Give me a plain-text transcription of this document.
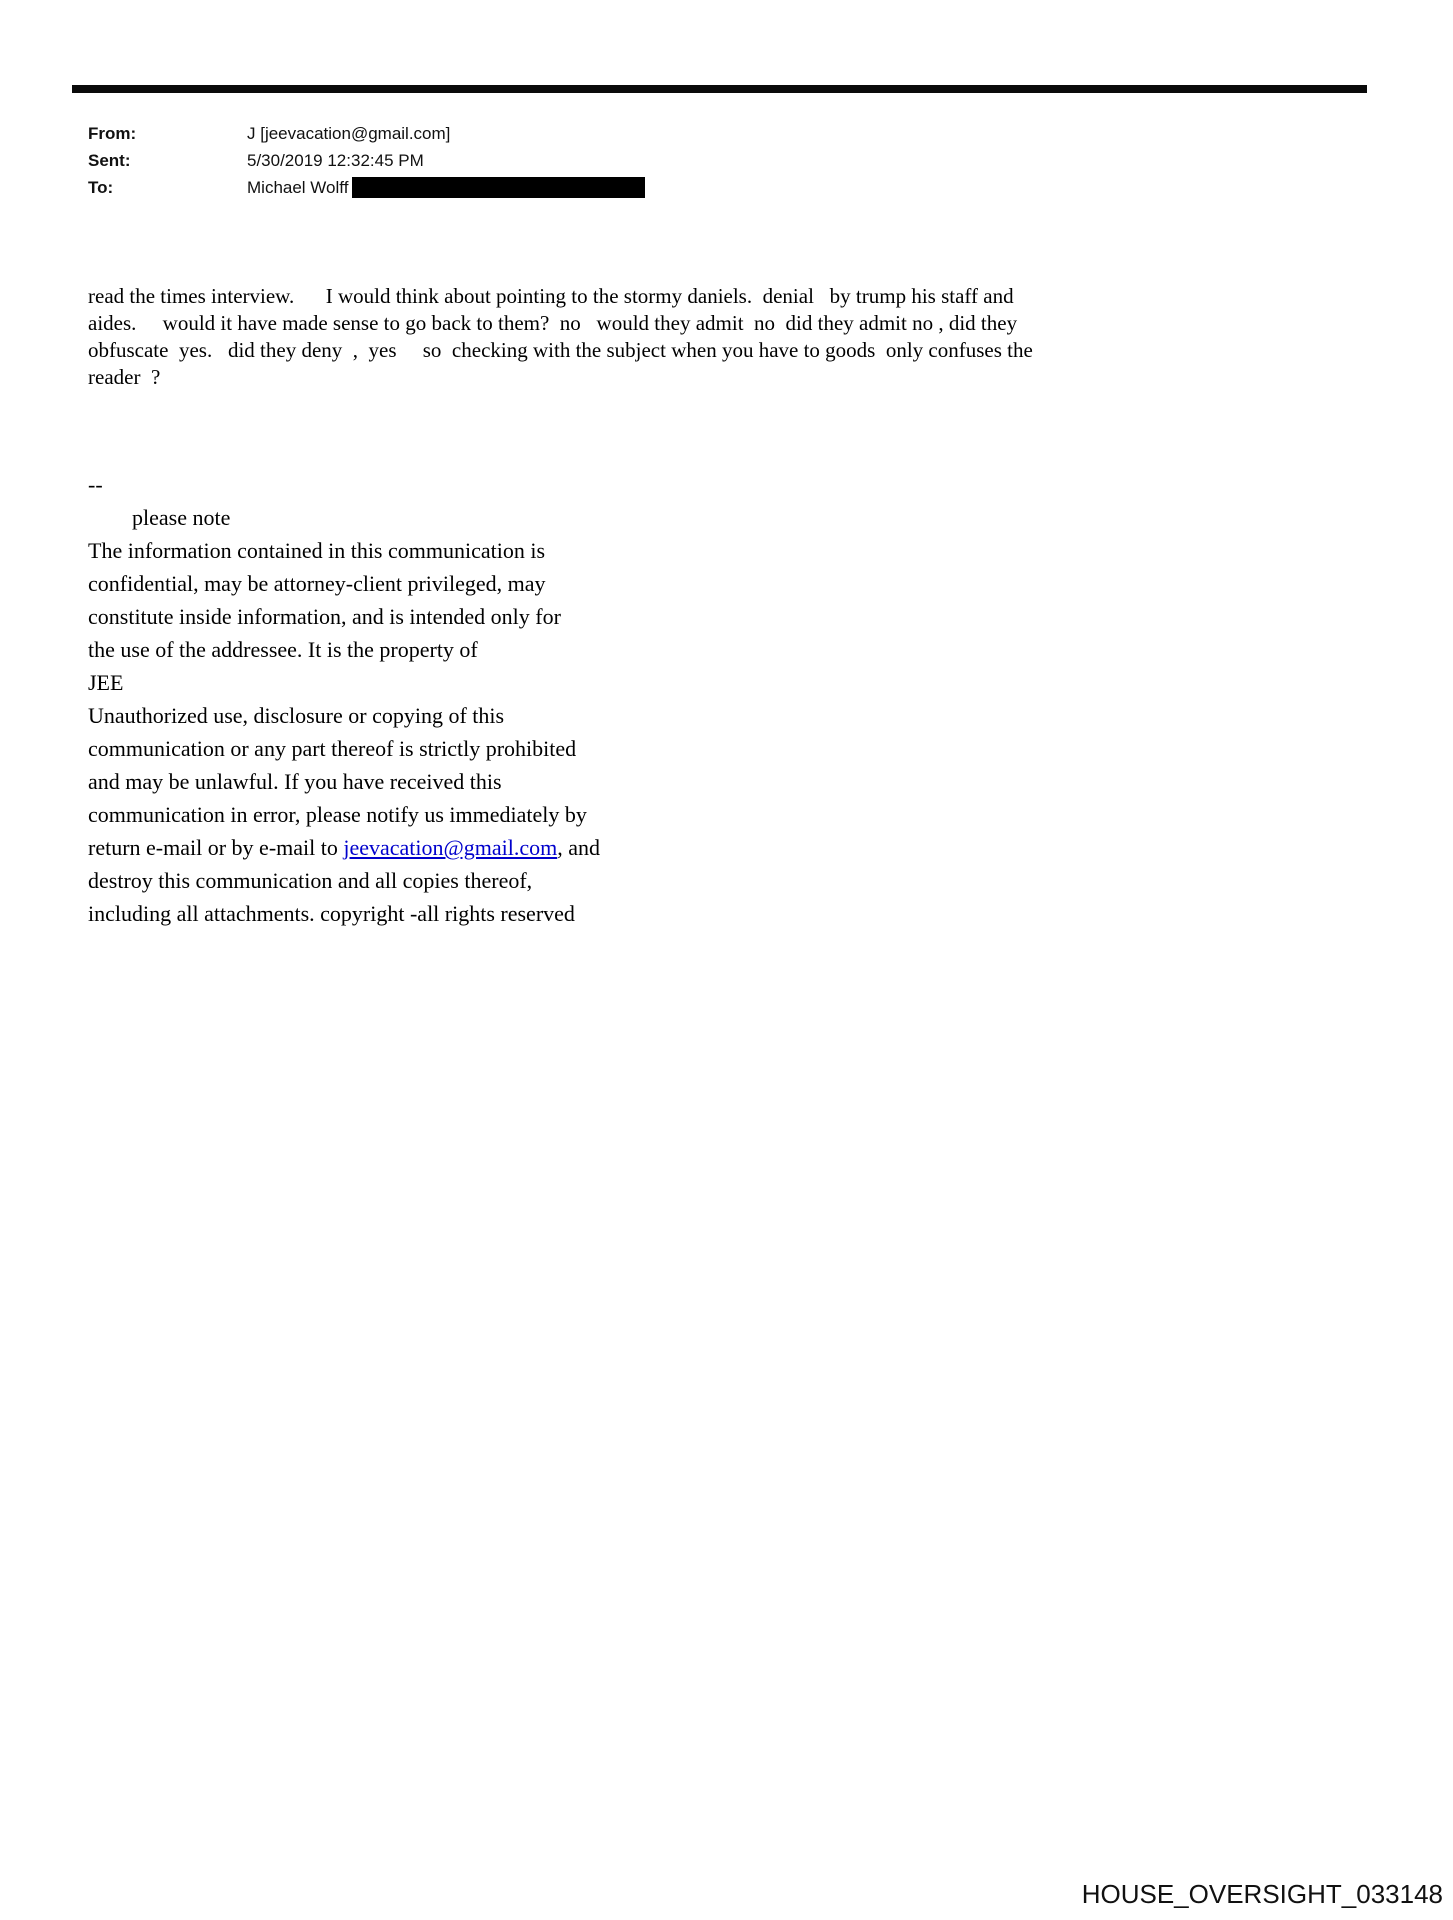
From:	J [jeevacation@gmail.com]
Sent:	5/30/2019 12:32:45 PM
To:	Michael Wolff
read the times interview.      I would think about pointing to the stormy daniels.  denial   by trump his staff and
aides.     would it have made sense to go back to them?  no   would they admit  no  did they admit no , did they
obfuscate  yes.   did they deny  ,  yes     so  checking with the subject when you have to goods  only confuses the
reader  ?
--
please note
The information contained in this communication is
confidential, may be attorney-client privileged, may
constitute inside information, and is intended only for
the use of the addressee. It is the property of
JEE
Unauthorized use, disclosure or copying of this
communication or any part thereof is strictly prohibited
and may be unlawful. If you have received this
communication in error, please notify us immediately by
return e-mail or by e-mail to jeevacation@gmail.com, and
destroy this communication and all copies thereof,
including all attachments. copyright -all rights reserved
HOUSE_OVERSIGHT_033148
